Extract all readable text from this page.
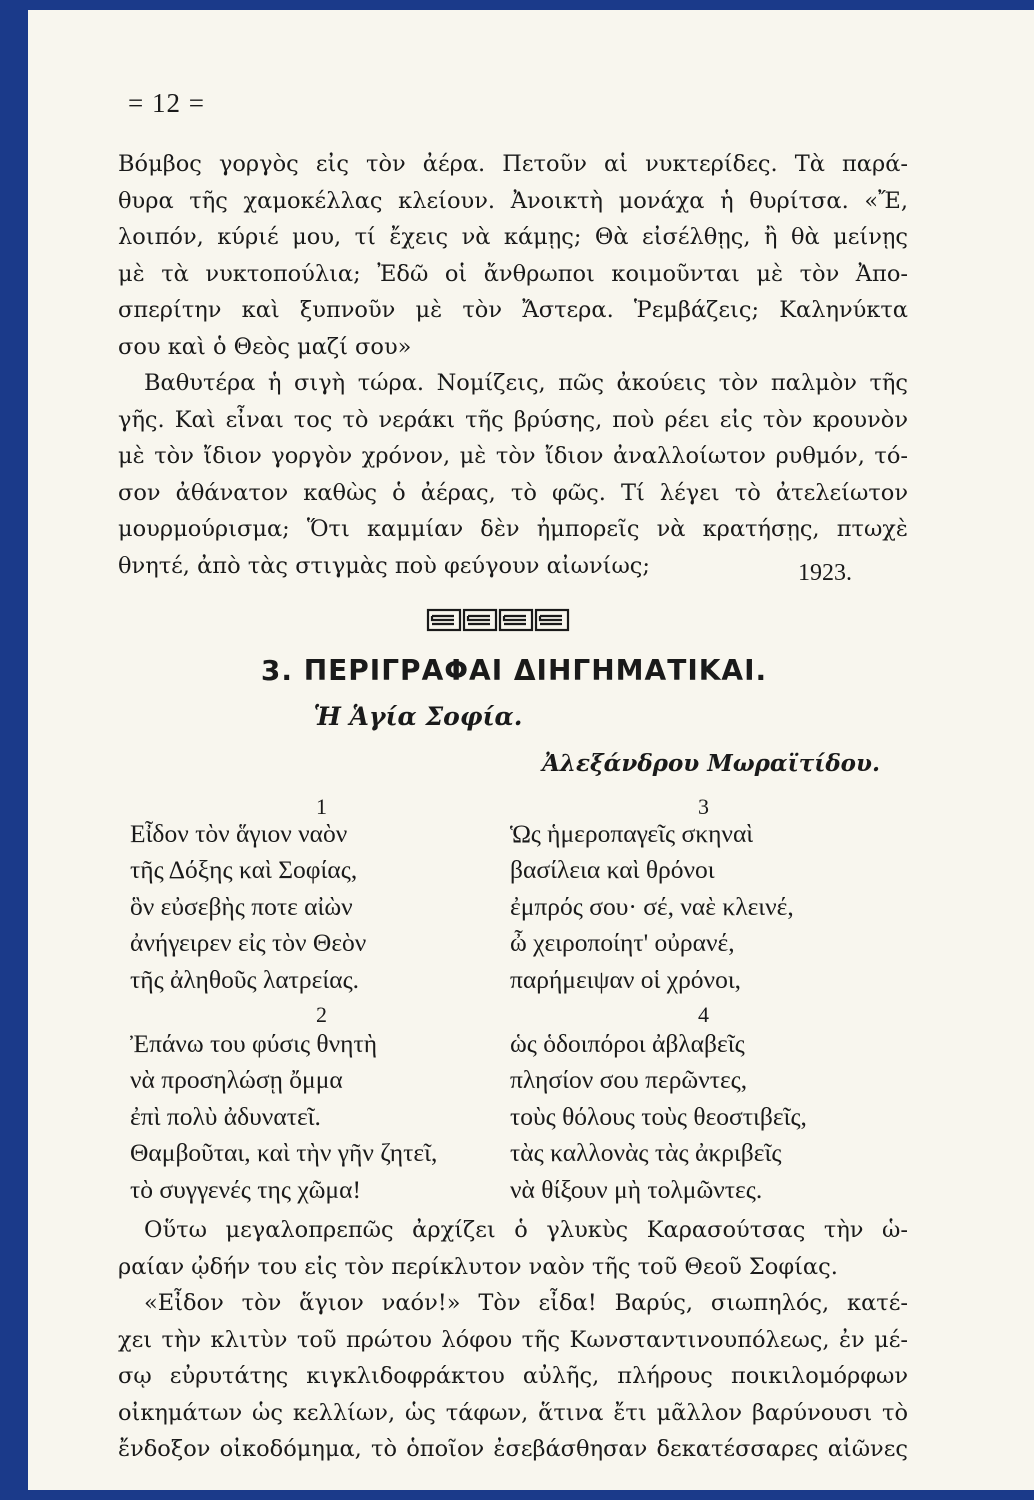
= 12 =

Βόμβος γοργὸς εἰς τὸν ἀέρα. Πετοῦν αἱ νυκτερίδες. Τὰ παρά-
θυρα τῆς χαμοκέλλας κλείουν. Ἀνοικτὴ μονάχα ἡ θυρίτσα. «Ἔ,
λοιπόν, κύριέ μου, τί ἔχεις νὰ κάμῃς; Θὰ εἰσέλθῃς, ἢ θὰ μείνῃς
μὲ τὰ νυκτοπούλια; Ἐδῶ οἱ ἄνθρωποι κοιμοῦνται μὲ τὸν Ἀπο-
σπερίτην καὶ ξυπνοῦν μὲ τὸν Ἄστερα. Ῥεμβάζεις; Καληνύκτα
σου καὶ ὁ Θεὸς μαζί σου»

Βαθυτέρα ἡ σιγὴ τώρα. Νομίζεις, πῶς ἀκούεις τὸν παλμὸν τῆς
γῆς. Καὶ εἶναι τος τὸ νεράκι τῆς βρύσης, ποὺ ρέει εἰς τὸν κρουνὸν
μὲ τὸν ἴδιον γοργὸν χρόνον, μὲ τὸν ἴδιον ἀναλλοίωτον ρυθμόν, τό-
σον ἀθάνατον καθὼς ὁ ἀέρας, τὸ φῶς. Τί λέγει τὸ ἀτελείωτον
μουρμούρισμα; Ὅτι καμμίαν δὲν ἠμπορεῖς νὰ κρατήσῃς, πτωχὲ
θνητέ, ἀπὸ τὰς στιγμὰς ποὺ φεύγουν αἰωνίως;	1923.
3. ΠΕΡΙΓΡΑΦΑΙ ΔΙΗΓΗΜΑΤΙΚΑΙ.
Ἡ Ἁγία Σοφία.
Ἀλεξάνδρου Μωραϊτίδου.
1
2
3
4
Εἶδον τὸν ἅγιον ναὸν
τῆς Δόξης καὶ Σοφίας,
ὃν εὐσεβὴς ποτε αἰὼν
ἀνήγειρεν εἰς τὸν Θεὸν
τῆς ἀληθοῦς λατρείας.
Ἐπάνω του φύσις θνητὴ
νὰ προσηλώσῃ ὄμμα
ἐπὶ πολὺ ἀδυνατεῖ.
Θαμβοῦται, καὶ τὴν γῆν ζητεῖ,
τὸ συγγενές της χῶμα!
Ὡς ἡμεροπαγεῖς σκηναὶ
βασίλεια καὶ θρόνοι
ἐμπρός σου· σέ, ναὲ κλεινέ,
ὦ χειροποίητ' οὐρανέ,
παρήμειψαν οἱ χρόνοι,
ὡς ὁδοιπόροι ἀβλαβεῖς
πλησίον σου περῶντες,
τοὺς θόλους τοὺς θεοστιβεῖς,
τὰς καλλονὰς τὰς ἀκριβεῖς
νὰ θίξουν μὴ τολμῶντες.

Οὕτω μεγαλοπρεπῶς ἀρχίζει ὁ γλυκὺς Καρασούτσας τὴν ὡ-
ραίαν ᾠδήν του εἰς τὸν περίκλυτον ναὸν τῆς τοῦ Θεοῦ Σοφίας.

«Εἶδον τὸν ἅγιον ναόν!» Τὸν εἶδα! Βαρύς, σιωπηλός, κατέ-
χει τὴν κλιτὺν τοῦ πρώτου λόφου τῆς Κωνσταντινουπόλεως, ἐν μέ-
σῳ εὐρυτάτης κιγκλιδοφράκτου αὐλῆς, πλήρους ποικιλομόρφων
οἰκημάτων ὡς κελλίων, ὡς τάφων, ἅτινα ἔτι μᾶλλον βαρύνουσι τὸ
ἔνδοξον οἰκοδόμημα, τὸ ὁποῖον ἐσεβάσθησαν δεκατέσσαρες αἰῶνες
